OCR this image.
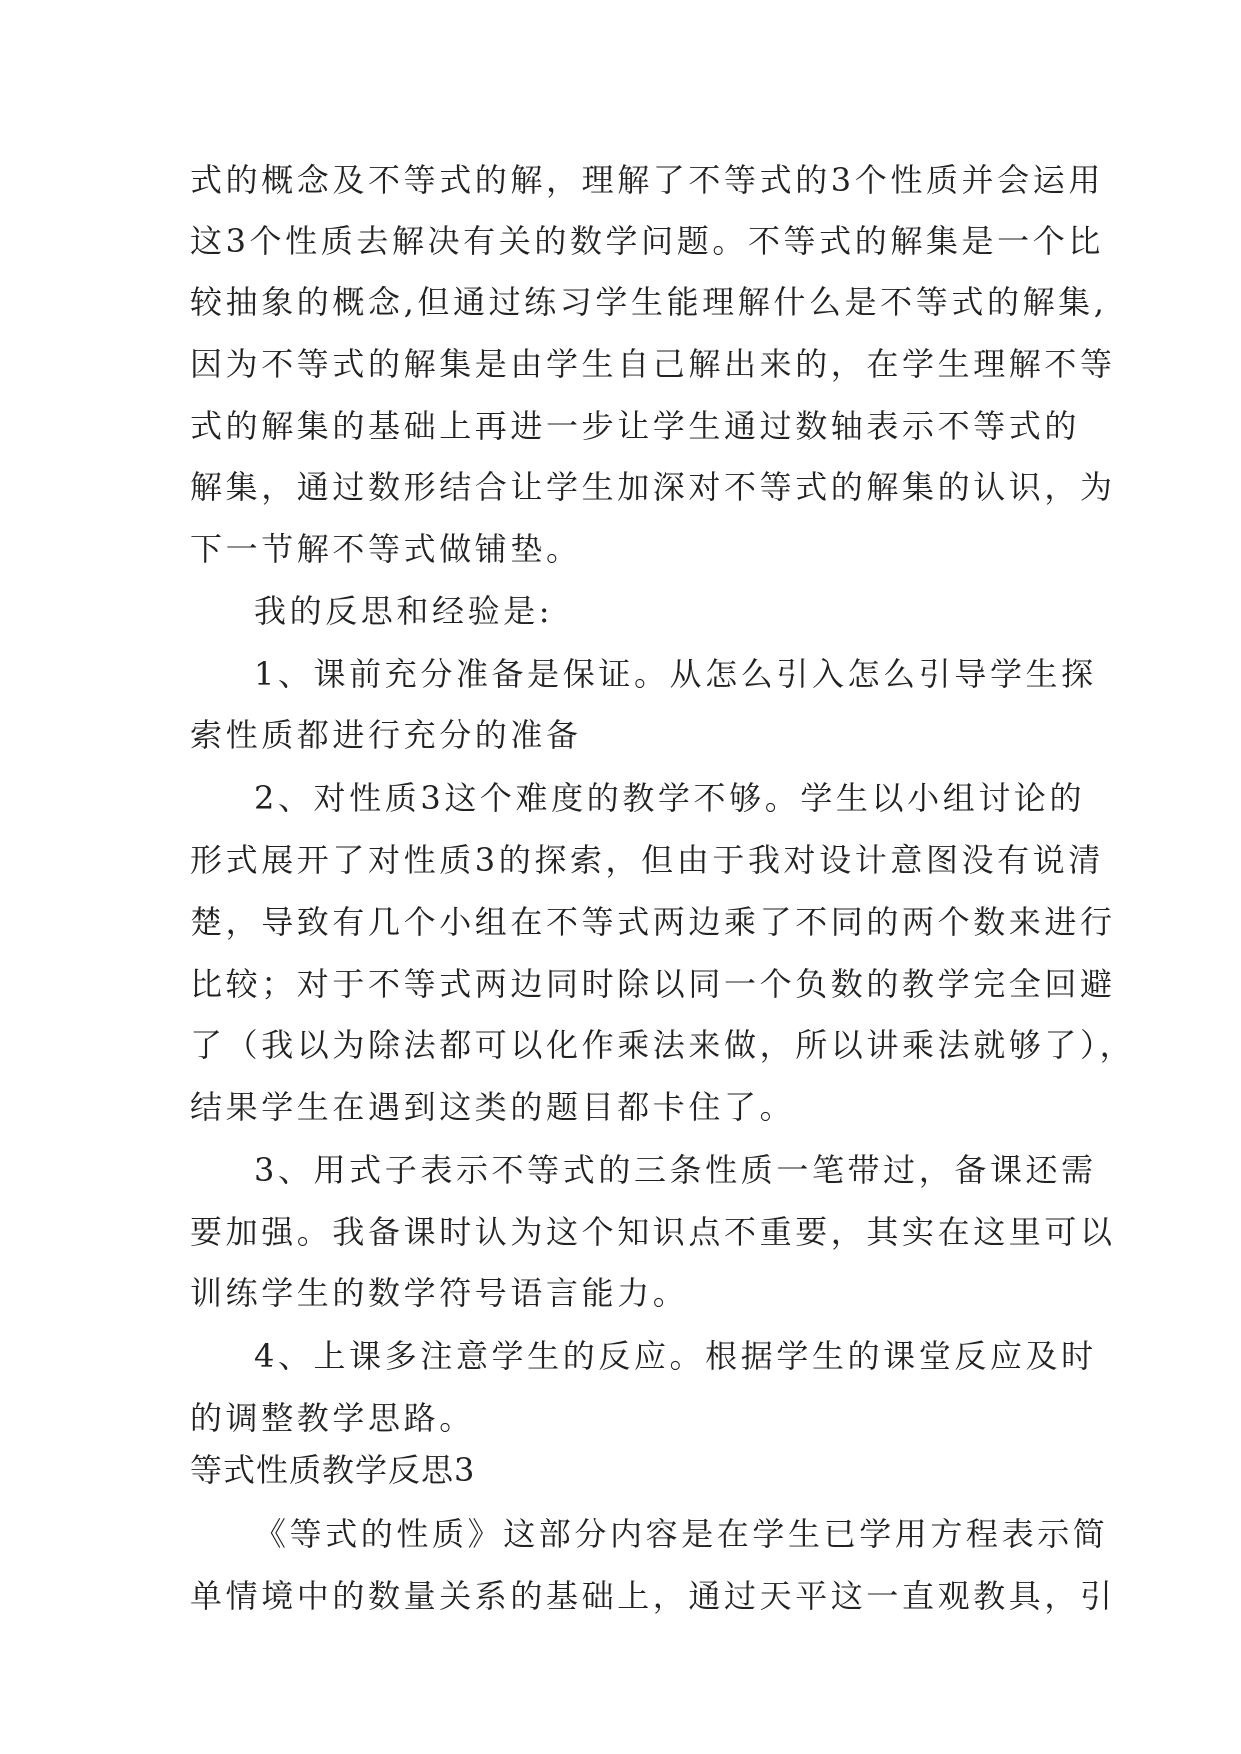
式的概念及不等式的解，理解了不等式的3个性质并会运用
这3个性质去解决有关的数学问题。不等式的解集是一个比
较抽象的概念,但通过练习学生能理解什么是不等式的解集,
因为不等式的解集是由学生自己解出来的，在学生理解不等
式的解集的基础上再进一步让学生通过数轴表示不等式的
解集，通过数形结合让学生加深对不等式的解集的认识，为
下一节解不等式做铺垫。
我的反思和经验是:
1、课前充分准备是保证。从怎么引入怎么引导学生探
索性质都进行充分的准备
2、对性质3这个难度的教学不够。学生以小组讨论的
形式展开了对性质3的探索，但由于我对设计意图没有说清
楚，导致有几个小组在不等式两边乘了不同的两个数来进行
比较；对于不等式两边同时除以同一个负数的教学完全回避
了（我以为除法都可以化作乘法来做，所以讲乘法就够了），
结果学生在遇到这类的题目都卡住了。
3、用式子表示不等式的三条性质一笔带过，备课还需
要加强。我备课时认为这个知识点不重要，其实在这里可以
训练学生的数学符号语言能力。
4、上课多注意学生的反应。根据学生的课堂反应及时
的调整教学思路。
等式性质教学反思3
《等式的性质》这部分内容是在学生已学用方程表示简
单情境中的数量关系的基础上，通过天平这一直观教具，引
